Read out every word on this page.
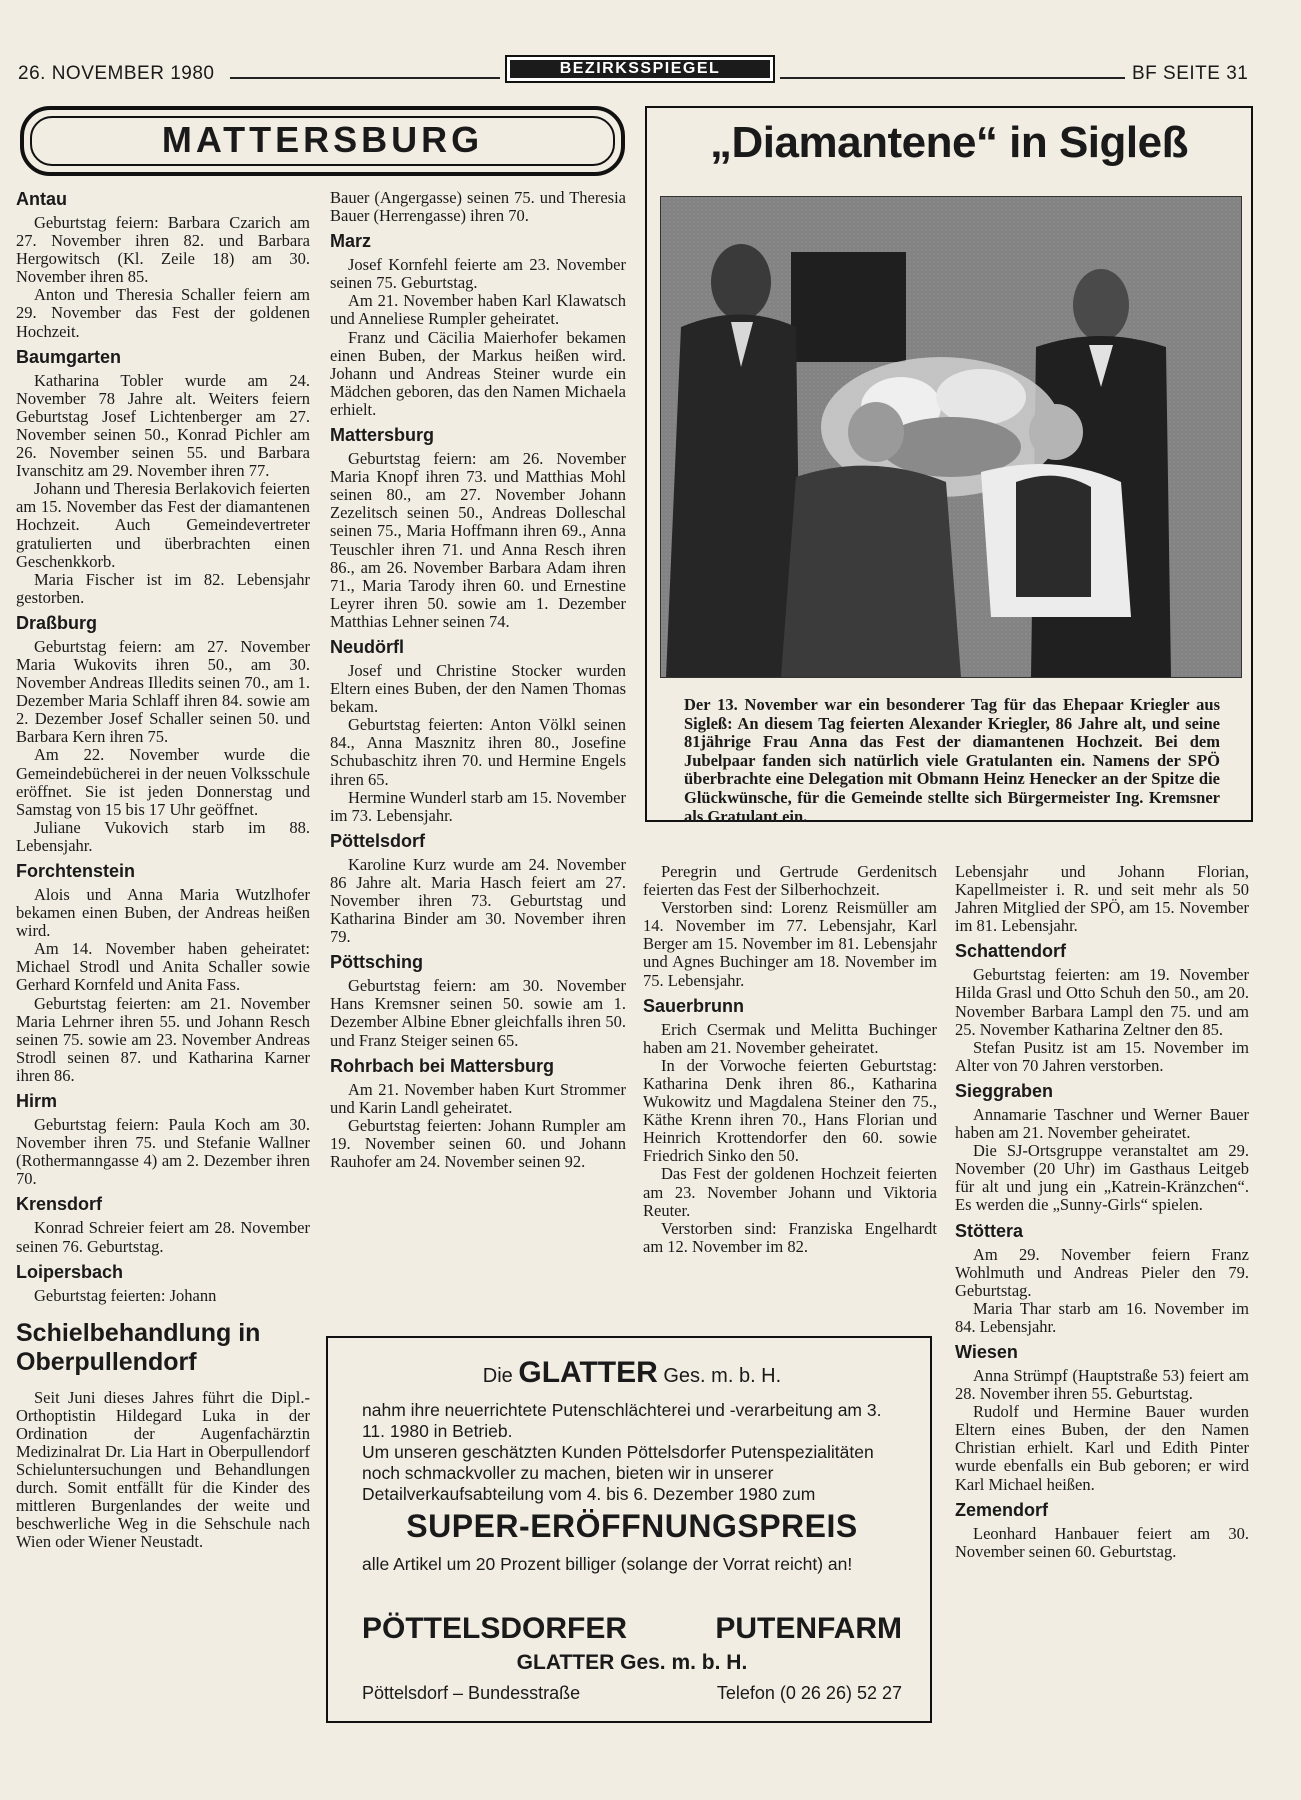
26. NOVEMBER 1980	BEZIRKSSPIEGEL	BF SEITE 31
MATTERSBURG
Antau

Geburtstag feiern: Barbara Czarich am 27. November ihren 82. und Barbara Hergowitsch (Kl. Zeile 18) am 30. November ihren 85.

Anton und Theresia Schaller feiern am 29. November das Fest der goldenen Hochzeit.

Baumgarten

Katharina Tobler wurde am 24. November 78 Jahre alt. Weiters feiern Geburtstag Josef Lichtenberger am 27. November seinen 50., Konrad Pichler am 26. November seinen 55. und Barbara Ivanschitz am 29. November ihren 77.

Johann und Theresia Berlakovich feierten am 15. November das Fest der diamantenen Hochzeit. Auch Gemeindevertreter gratulierten und überbrachten einen Geschenkkorb.

Maria Fischer ist im 82. Lebensjahr gestorben.

Draßburg

Geburtstag feiern: am 27. November Maria Wukovits ihren 50., am 30. November Andreas Illedits seinen 70., am 1. Dezember Maria Schlaff ihren 84. sowie am 2. Dezember Josef Schaller seinen 50. und Barbara Kern ihren 75.

Am 22. November wurde die Gemeindebücherei in der neuen Volksschule eröffnet. Sie ist jeden Donnerstag und Samstag von 15 bis 17 Uhr geöffnet.

Juliane Vukovich starb im 88. Lebensjahr.

Forchtenstein

Alois und Anna Maria Wutzlhofer bekamen einen Buben, der Andreas heißen wird.

Am 14. November haben geheiratet: Michael Strodl und Anita Schaller sowie Gerhard Kornfeld und Anita Fass.

Geburtstag feierten: am 21. November Maria Lehrner ihren 55. und Johann Resch seinen 75. sowie am 23. November Andreas Strodl seinen 87. und Katharina Karner ihren 86.

Hirm

Geburtstag feiern: Paula Koch am 30. November ihren 75. und Stefanie Wallner (Rothermanngasse 4) am 2. Dezember ihren 70.

Krensdorf

Konrad Schreier feiert am 28. November seinen 76. Geburtstag.

Loipersbach

Geburtstag feierten: Johann

Schielbehandlung in Oberpullendorf

Seit Juni dieses Jahres führt die Dipl.-Orthoptistin Hildegard Luka in der Ordination der Augenfachärztin Medizinalrat Dr. Lia Hart in Oberpullendorf Schieluntersuchungen und Behandlungen durch. Somit entfällt für die Kinder des mittleren Burgenlandes der weite und beschwerliche Weg in die Sehschule nach Wien oder Wiener Neustadt.

Bauer (Angergasse) seinen 75. und Theresia Bauer (Herrengasse) ihren 70.

Marz

Josef Kornfehl feierte am 23. November seinen 75. Geburtstag.

Am 21. November haben Karl Klawatsch und Anneliese Rumpler geheiratet.

Franz und Cäcilia Maierhofer bekamen einen Buben, der Markus heißen wird. Johann und Andreas Steiner wurde ein Mädchen geboren, das den Namen Michaela erhielt.

Mattersburg

Geburtstag feiern: am 26. November Maria Knopf ihren 73. und Matthias Mohl seinen 80., am 27. November Johann Zezelitsch seinen 50., Andreas Dolleschal seinen 75., Maria Hoffmann ihren 69., Anna Teuschler ihren 71. und Anna Resch ihren 86., am 26. November Barbara Adam ihren 71., Maria Tarody ihren 60. und Ernestine Leyrer ihren 50. sowie am 1. Dezember Matthias Lehner seinen 74.

Neudörfl

Josef und Christine Stocker wurden Eltern eines Buben, der den Namen Thomas bekam.

Geburtstag feierten: Anton Völkl seinen 84., Anna Masznitz ihren 80., Josefine Schubaschitz ihren 70. und Hermine Engels ihren 65.

Hermine Wunderl starb am 15. November im 73. Lebensjahr.

Pöttelsdorf

Karoline Kurz wurde am 24. November 86 Jahre alt. Maria Hasch feiert am 27. November ihren 73. Geburtstag und Katharina Binder am 30. November ihren 79.

Pöttsching

Geburtstag feiern: am 30. November Hans Kremsner seinen 50. sowie am 1. Dezember Albine Ebner gleichfalls ihren 50. und Franz Steiger seinen 65.

Rohrbach bei Mattersburg

Am 21. November haben Kurt Strommer und Karin Landl geheiratet.

Geburtstag feierten: Johann Rumpler am 19. November seinen 60. und Johann Rauhofer am 24. November seinen 92.

„Diamantene“ in Sigleß
Der 13. November war ein besonderer Tag für das Ehepaar Kriegler aus Sigleß: An diesem Tag feierten Alexander Kriegler, 86 Jahre alt, und seine 81jährige Frau Anna das Fest der diamantenen Hochzeit. Bei dem Jubelpaar fanden sich natürlich viele Gratulanten ein. Namens der SPÖ überbrachte eine Delegation mit Obmann Heinz Henecker an der Spitze die Glückwünsche, für die Gemeinde stellte sich Bürgermeister Ing. Kremsner als Gratulant ein.

Peregrin und Gertrude Gerdenitsch feierten das Fest der Silberhochzeit.

Verstorben sind: Lorenz Reismüller am 14. November im 77. Lebensjahr, Karl Berger am 15. November im 81. Lebensjahr und Agnes Buchinger am 18. November im 75. Lebensjahr.

Sauerbrunn

Erich Csermak und Melitta Buchinger haben am 21. November geheiratet.

In der Vorwoche feierten Geburtstag: Katharina Denk ihren 86., Katharina Wukowitz und Magdalena Steiner den 75., Käthe Krenn ihren 70., Hans Florian und Heinrich Krottendorfer den 60. sowie Friedrich Sinko den 50.

Das Fest der goldenen Hochzeit feierten am 23. November Johann und Viktoria Reuter.

Verstorben sind: Franziska Engelhardt am 12. November im 82.

Lebensjahr und Johann Florian, Kapellmeister i. R. und seit mehr als 50 Jahren Mitglied der SPÖ, am 15. November im 81. Lebensjahr.

Schattendorf

Geburtstag feierten: am 19. November Hilda Grasl und Otto Schuh den 50., am 20. November Barbara Lampl den 75. und am 25. November Katharina Zeltner den 85.

Stefan Pusitz ist am 15. November im Alter von 70 Jahren verstorben.

Sieggraben

Annamarie Taschner und Werner Bauer haben am 21. November geheiratet.

Die SJ-Ortsgruppe veranstaltet am 29. November (20 Uhr) im Gasthaus Leitgeb für alt und jung ein „Katrein-Kränzchen“. Es werden die „Sunny-Girls“ spielen.

Stöttera

Am 29. November feiern Franz Wohlmuth und Andreas Pieler den 79. Geburtstag.

Maria Thar starb am 16. November im 84. Lebensjahr.

Wiesen

Anna Strümpf (Hauptstraße 53) feiert am 28. November ihren 55. Geburtstag.

Rudolf und Hermine Bauer wurden Eltern eines Buben, der den Namen Christian erhielt. Karl und Edith Pinter wurde ebenfalls ein Bub geboren; er wird Karl Michael heißen.

Zemendorf

Leonhard Hanbauer feiert am 30. November seinen 60. Geburtstag.

Die GLATTER Ges. m. b. H.
nahm ihre neuerrichtete Putenschlächterei und -verarbeitung am 3. 11. 1980 in Betrieb.
Um unseren geschätzten Kunden Pöttelsdorfer Putenspezialitäten noch schmackvoller zu machen, bieten wir in unserer Detailverkaufsabteilung vom 4. bis 6. Dezember 1980 zum
SUPER-ERÖFFNUNGSPREIS
alle Artikel um 20 Prozent billiger (solange der Vorrat reicht) an!
PÖTTELSDORFER	PUTENFARM
GLATTER Ges. m. b. H.
Pöttelsdorf – Bundesstraße	Telefon (0 26 26) 52 27
